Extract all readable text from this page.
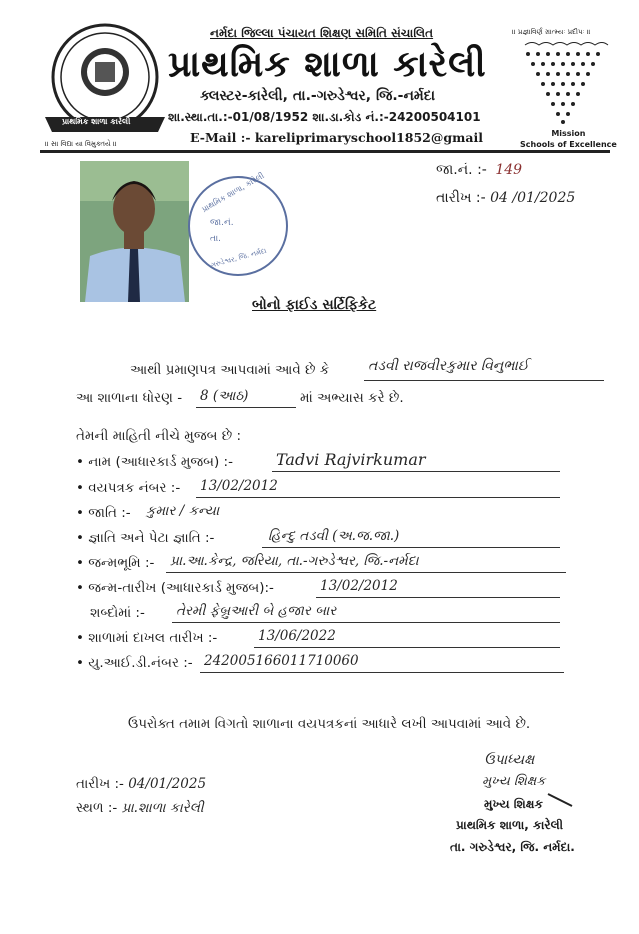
પ્રાથમિક શાળા કારેલી
॥ સા વિદ્યા યા વિમુક્તયે ॥
નર્મદા જિલ્લા પંચાયત શિક્ષણ સમિતિ સંચાલિત	॥ પ્રજ્ઞાવિર્ણ ગ્રાત્મ્યઃ પ્રદીપઃ ॥
પ્રાથમિક શાળા કારેલી
ક્લસ્ટર-કારેલી, તા.-ગરુડેશ્વર, જિ.-નર્મદા
શા.સ્થા.તા.:-01/08/1952 શા.ડા.કોડ નં.:-24200504101
E-Mail :- kareliprimaryschool1852@gmail	Mission
Schools of Excellence
જા.નં. :- 149
તારીખ :- 04 /01/2025
પ્રાથમિક શાળા, કારેલી
જા.નં.
તા.
ગરુડેશ્વર, જિ. નર્મદા
બોનો ફાઈડ સર્ટિફિકેટ
આથી પ્રમાણપત્ર આપવામાં આવે છે કે	તડવી રાજવીરકુમાર વિનુભાઈ
આ શાળાના ધોરણ - 8 (આઠ)	માં અભ્યાસ કરે છે.
તેમની માહિતી નીચે મુજબ છે :
• નામ (આધારકાર્ડ મુજબ) :-	Tadvi Rajvirkumar
• વયપત્રક નંબર :- 13/02/2012
• જાતિ :- કુમાર / કન્યા
• જ્ઞાતિ અને પેટા જ્ઞાતિ :-	હિન્દુ તડવી (અ.જ.જા.)
• જન્મભૂમિ :- પ્રા.આ.કેન્દ્ર, જરિયા, તા.-ગરુડેશ્વર, જિ.-નર્મદા
• જન્મ-તારીખ (આધારકાર્ડ મુજબ):-	13/02/2012
શબ્દોમાં :- તેરમી ફેબ્રુઆરી બે હજાર બાર
• શાળામાં દાખલ તારીખ :-	13/06/2022
• યુ.આઈ.ડી.નંબર :- 242005166011710060
ઉપરોક્ત તમામ વિગતો શાળાના વયપત્રકનાં આધારે લખી આપવામાં આવે છે.
તારીખ :- 04/01/2025
સ્થળ :- પ્રા.શાળા કારેલી
ઉપાધ્યક્ષ
મુખ્ય શિક્ષક
મુખ્ય શિક્ષક
પ્રાથમિક શાળા, કારેલી
તા. ગરુડેશ્વર, જિ. નર્મદા.
